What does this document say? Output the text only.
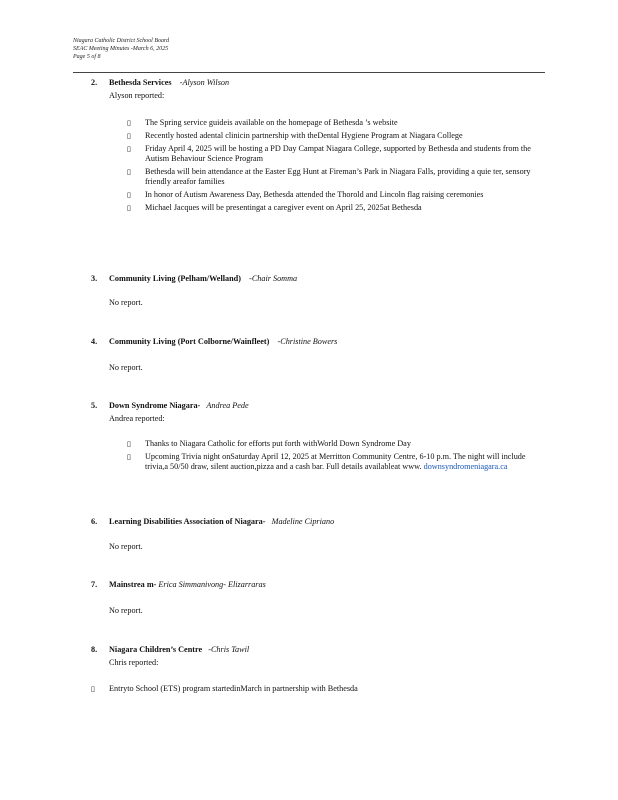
Niagara Catholic District School Board
SEAC Meeting Minutes -March 6, 2025
Page 5 of 8
2. Bethesda Services -Alyson Wilson
Alyson reported:
▯ The Spring service guideis available on the homepage of Bethesda ’s website
▯ Recently hosted adental clinicin partnership with theDental Hygiene Program at Niagara College
▯ Friday April 4, 2025 will be hosting a PD Day Campat Niagara College, supported by Bethesda and students from the Autism Behaviour Science Program
▯ Bethesda will bein attendance at the Easter Egg Hunt at Fireman’s Park in Niagara Falls, providing a quie ter, sensory friendly areafor families
▯ In honor of Autism Awareness Day, Bethesda attended the Thorold and Lincoln flag raising ceremonies
▯ Michael Jacques will be presentingat a caregiver event on April 25, 2025at Bethesda
3. Community Living (Pelham/Welland) -Chair Somma
No report.
4. Community Living (Port Colborne/Wainfleet) -Christine Bowers
No report.
5. Down Syndrome Niagara- Andrea Pede
Andrea reported:
▯ Thanks to Niagara Catholic for efforts put forth withWorld Down Syndrome Day
▯ Upcoming Trivia night onSaturday April 12, 2025 at Merritton Community Centre, 6-10 p.m. The night will include trivia,a 50/50 draw, silent auction,pizza and a cash bar. Full details availableat www. downsyndromeniagara.ca
6. Learning Disabilities Association of Niagara- Madeline Cipriano
No report.
7. Mainstrea m- Erica Simmanivong- Elizarraras
No report.
8. Niagara Children’s Centre -Chris Tawil
Chris reported:
▯ Entryto School (ETS) program startedinMarch in partnership with Bethesda
